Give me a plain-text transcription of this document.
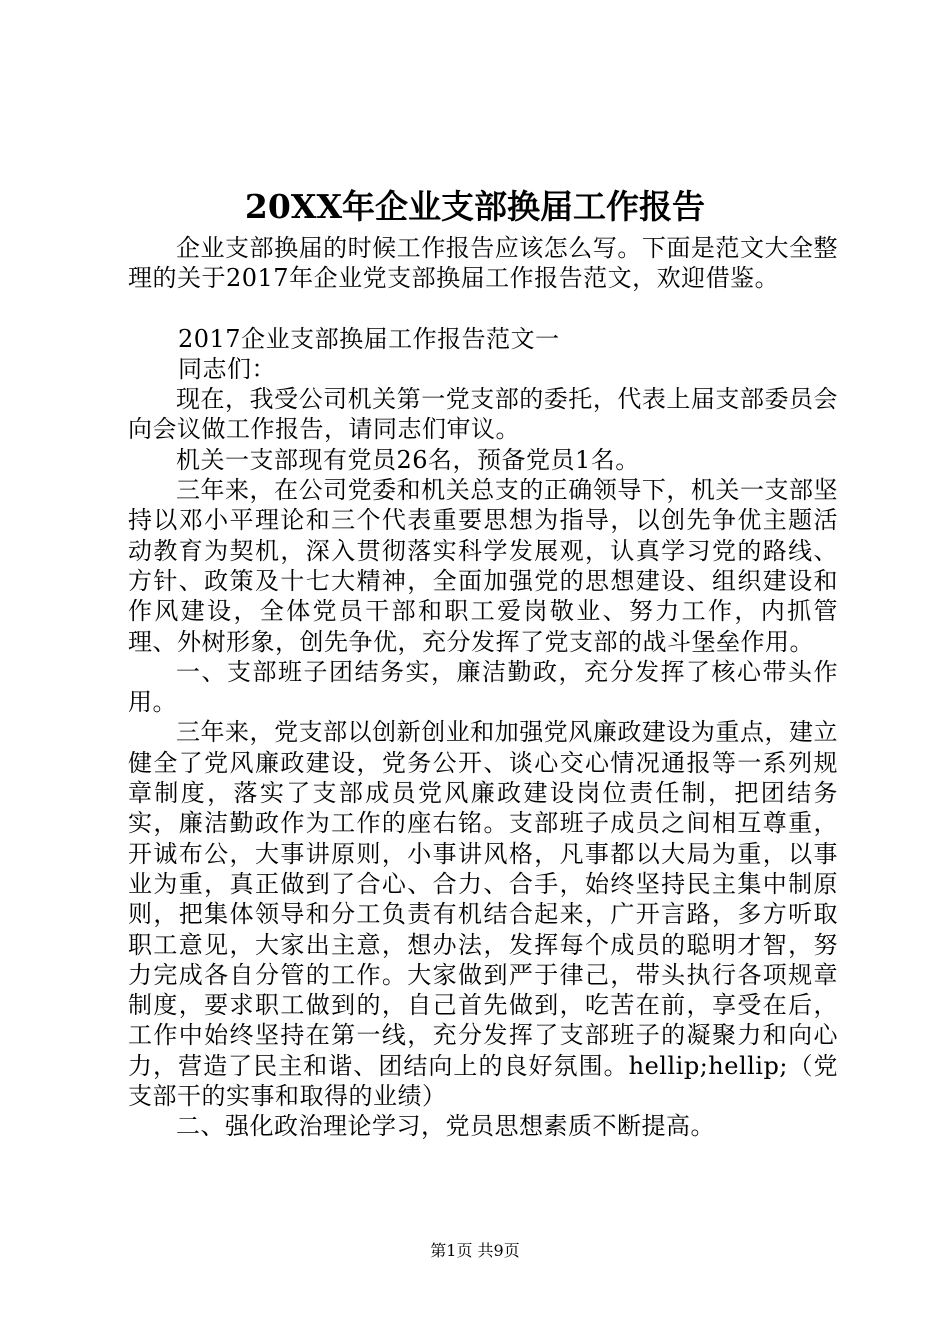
20XX年企业支部换届工作报告

企业支部换届的时候工作报告应该怎么写。下面是范文大全整理的关于2017年企业党支部换届工作报告范文，欢迎借鉴。

2017企业支部换届工作报告范文一

同志们：

现在，我受公司机关第一党支部的委托，代表上届支部委员会向会议做工作报告，请同志们审议。

机关一支部现有党员26名，预备党员1名。

三年来，在公司党委和机关总支的正确领导下，机关一支部坚持以邓小平理论和三个代表重要思想为指导，以创先争优主题活动教育为契机，深入贯彻落实科学发展观，认真学习党的路线、方针、政策及十七大精神，全面加强党的思想建设、组织建设和作风建设，全体党员干部和职工爱岗敬业、努力工作，内抓管理、外树形象，创先争优，充分发挥了党支部的战斗堡垒作用。

一、支部班子团结务实，廉洁勤政，充分发挥了核心带头作用。

三年来，党支部以创新创业和加强党风廉政建设为重点，建立健全了党风廉政建设，党务公开、谈心交心情况通报等一系列规章制度，落实了支部成员党风廉政建设岗位责任制，把团结务实，廉洁勤政作为工作的座右铭。支部班子成员之间相互尊重，开诚布公，大事讲原则，小事讲风格，凡事都以大局为重，以事业为重，真正做到了合心、合力、合手，始终坚持民主集中制原则，把集体领导和分工负责有机结合起来，广开言路，多方听取职工意见，大家出主意，想办法，发挥每个成员的聪明才智，努力完成各自分管的工作。大家做到严于律己，带头执行各项规章制度，要求职工做到的，自己首先做到，吃苦在前，享受在后，工作中始终坚持在第一线，充分发挥了支部班子的凝聚力和向心力，营造了民主和谐、团结向上的良好氛围。hellip;hellip;（党支部干的实事和取得的业绩）

二、强化政治理论学习，党员思想素质不断提高。

第1页 共9页
